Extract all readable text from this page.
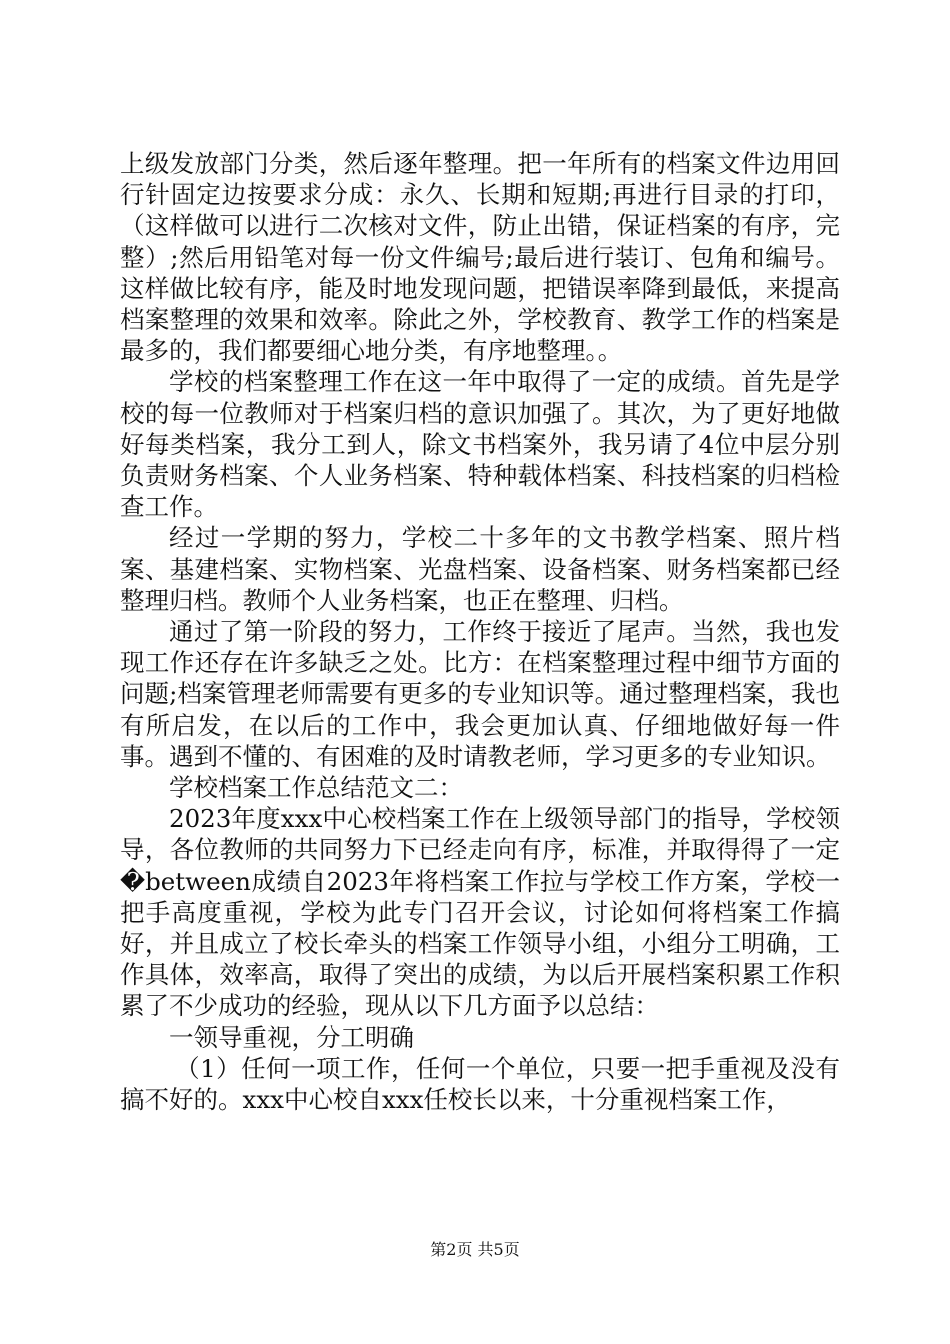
上级发放部门分类，然后逐年整理。把一年所有的档案文件边用回行针固定边按要求分成：永久、长期和短期;再进行目录的打印，（这样做可以进行二次核对文件，防止出错，保证档案的有序，完整）;然后用铅笔对每一份文件编号;最后进行装订、包角和编号。这样做比较有序，能及时地发现问题，把错误率降到最低，来提高档案整理的效果和效率。除此之外，学校教育、教学工作的档案是最多的，我们都要细心地分类，有序地整理。。

学校的档案整理工作在这一年中取得了一定的成绩。首先是学校的每一位教师对于档案归档的意识加强了。其次，为了更好地做好每类档案，我分工到人，除文书档案外，我另请了4位中层分别负责财务档案、个人业务档案、特种载体档案、科技档案的归档检查工作。

经过一学期的努力，学校二十多年的文书教学档案、照片档案、基建档案、实物档案、光盘档案、设备档案、财务档案都已经整理归档。教师个人业务档案，也正在整理、归档。

通过了第一阶段的努力，工作终于接近了尾声。当然，我也发现工作还存在许多缺乏之处。比方：在档案整理过程中细节方面的问题;档案管理老师需要有更多的专业知识等。通过整理档案，我也有所启发，在以后的工作中，我会更加认真、仔细地做好每一件事。遇到不懂的、有困难的及时请教老师，学习更多的专业知识。

学校档案工作总结范文二：

2023年度xxx中心校档案工作在上级领导部门的指导，学校领导，各位教师的共同努力下已经走向有序，标准，并取得得了一定�between成绩自2023年将档案工作拉与学校工作方案，学校一把手高度重视，学校为此专门召开会议，讨论如何将档案工作搞好，并且成立了校长牵头的档案工作领导小组，小组分工明确，工作具体，效率高，取得了突出的成绩，为以后开展档案积累工作积累了不少成功的经验，现从以下几方面予以总结：

一领导重视，分工明确

（1）任何一项工作，任何一个单位，只要一把手重视及没有搞不好的。xxx中心校自xxx任校长以来，十分重视档案工作，

第2页 共5页
